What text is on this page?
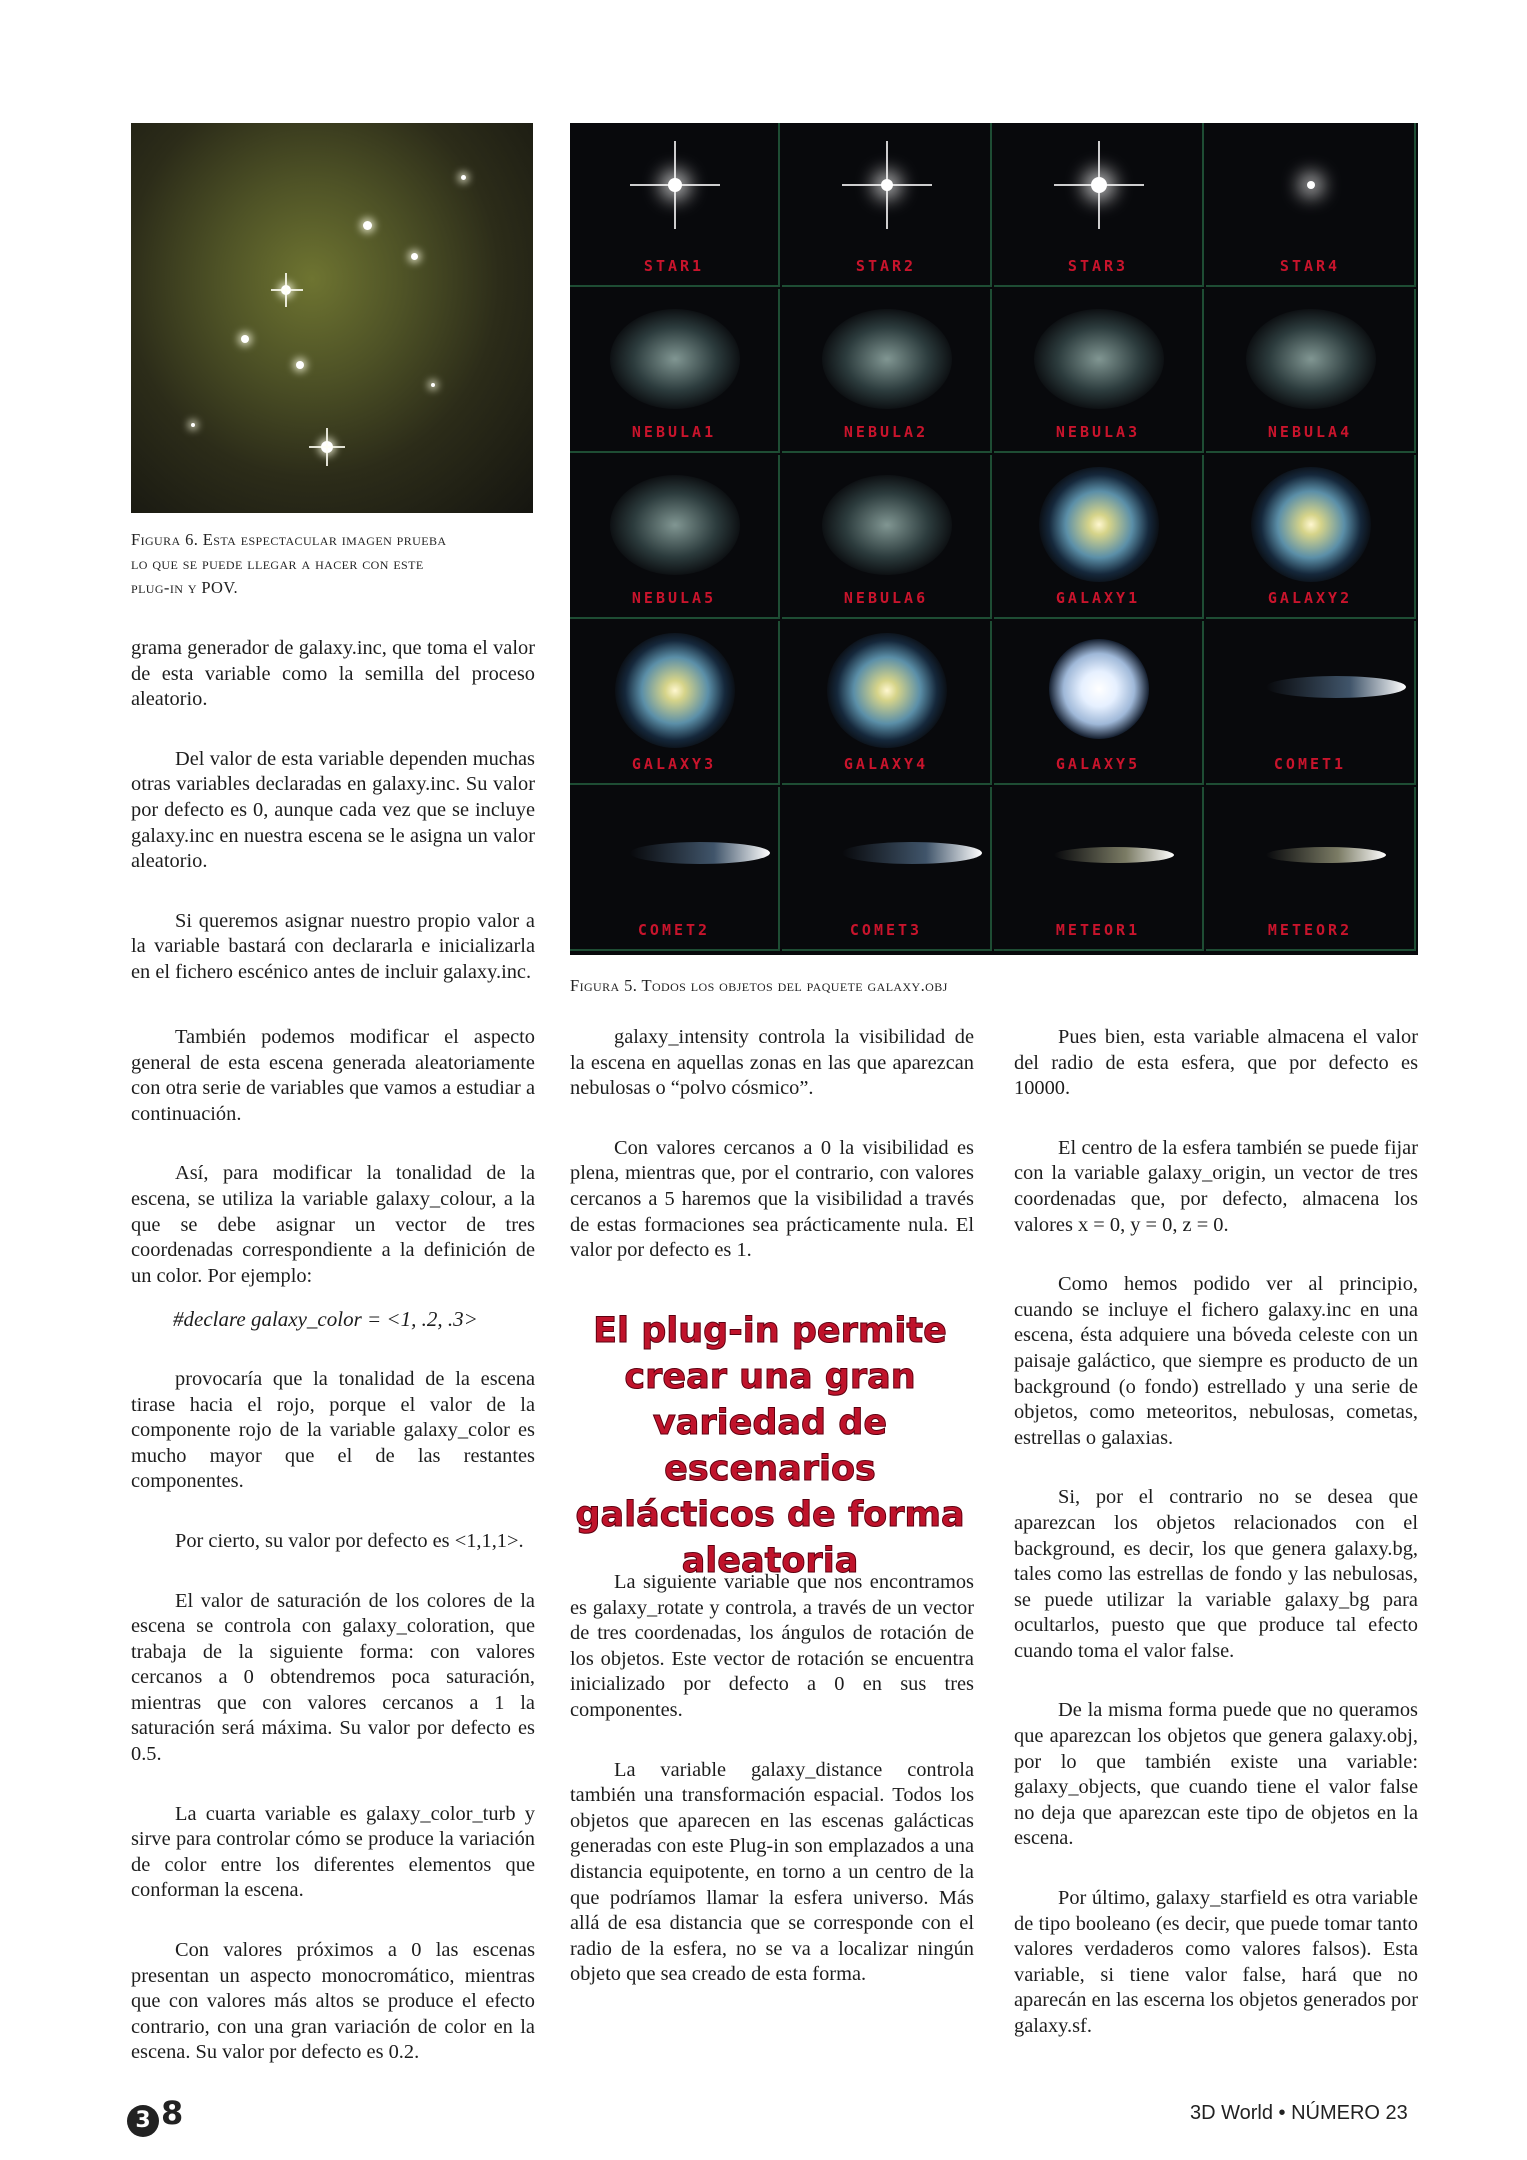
Figura 6. Esta espectacular imagen prueba
lo que se puede llegar a hacer con este
plug-in y POV.
STAR1	STAR2	STAR3	STAR4
NEBULA1	NEBULA2	NEBULA3	NEBULA4
NEBULA5	NEBULA6	GALAXY1	GALAXY2
GALAXY3	GALAXY4	GALAXY5	COMET1
COMET2	COMET3	METEOR1	METEOR2
Figura 5. Todos los objetos del paquete galaxy.obj

grama generador de galaxy.inc, que toma el valor de esta variable como la semilla del proceso aleatorio.

Del valor de esta variable dependen muchas otras variables declaradas en galaxy.inc. Su valor por defecto es 0, aunque cada vez que se incluye galaxy.inc en nuestra escena se le asigna un valor aleatorio.

Si queremos asignar nuestro propio valor a la variable bastará con declararla e inicializarla en el fichero escénico antes de incluir galaxy.inc.

También podemos modificar el aspecto general de esta escena generada aleatoriamente con otra serie de variables que vamos a estudiar a continuación.

Así, para modificar la tonalidad de la escena, se utiliza la variable galaxy_colour, a la que se debe asignar un vector de tres coordenadas correspondiente a la definición de un color. Por ejemplo:

#declare galaxy_color = <1, .2, .3>

provocaría que la tonalidad de la escena tirase hacia el rojo, porque el valor de la componente rojo de la variable galaxy_color es mucho mayor que el de las restantes componentes.

Por cierto, su valor por defecto es <1,1,1>.

El valor de saturación de los colores de la escena se controla con galaxy_coloration, que trabaja de la siguiente forma: con valores cercanos a 0 obtendremos poca saturación, mientras que con valores cercanos a 1 la saturación será máxima. Su valor por defecto es 0.5.

La cuarta variable es galaxy_color_turb y sirve para controlar cómo se produce la variación de color entre los diferentes elementos que conforman la escena.

Con valores próximos a 0 las escenas presentan un aspecto monocromático, mientras que con valores más altos se produce el efecto contrario, con una gran variación de color en la escena. Su valor por defecto es 0.2.

galaxy_intensity controla la visibilidad de la escena en aquellas zonas en las que aparezcan nebulosas o “polvo cósmico”.

Con valores cercanos a 0 la visibilidad es plena, mientras que, por el contrario, con valores cercanos a 5 haremos que la visibilidad a través de estas formaciones sea prácticamente nula. El valor por defecto es 1.

El plug-in permite crear una gran variedad de escenarios galácticos de forma aleatoria

La siguiente variable que nos encontramos es galaxy_rotate y controla, a través de un vector de tres coordenadas, los ángulos de rotación de los objetos. Este vector de rotación se encuentra inicializado por defecto a 0 en sus tres componentes.

La variable galaxy_distance controla también una transformación espacial. Todos los objetos que aparecen en las escenas galácticas generadas con este Plug-in son emplazados a una distancia equipotente, en torno a un centro de la que podríamos llamar la esfera universo. Más allá de esa distancia que se corresponde con el radio de la esfera, no se va a localizar ningún objeto que sea creado de esta forma.

Pues bien, esta variable almacena el valor del radio de esta esfera, que por defecto es 10000.

El centro de la esfera también se puede fijar con la variable galaxy_origin, un vector de tres coordenadas que, por defecto, almacena los valores x = 0, y = 0, z = 0.

Como hemos podido ver al principio, cuando se incluye el fichero galaxy.inc en una escena, ésta adquiere una bóveda celeste con un paisaje galáctico, que siempre es producto de un background (o fondo) estrellado y una serie de objetos, como meteoritos, nebulosas, cometas, estrellas o galaxias.

Si, por el contrario no se desea que aparezcan los objetos relacionados con el background, es decir, los que genera galaxy.bg, tales como las estrellas de fondo y las nebulosas, se puede utilizar la variable galaxy_bg para ocultarlos, puesto que que produce tal efecto cuando toma el valor false.

De la misma forma puede que no queramos que aparezcan los objetos que genera galaxy.obj, por lo que también existe una variable: galaxy_objects, que cuando tiene el valor false no deja que aparezcan este tipo de objetos en la escena.

Por último, galaxy_starfield es otra variable de tipo booleano (es decir, que puede tomar tanto valores verdaderos como valores falsos). Esta variable, si tiene valor false, hará que no aparecán en las escerna los objetos generados por galaxy.sf.

3 8	3D World • NÚMERO 23
